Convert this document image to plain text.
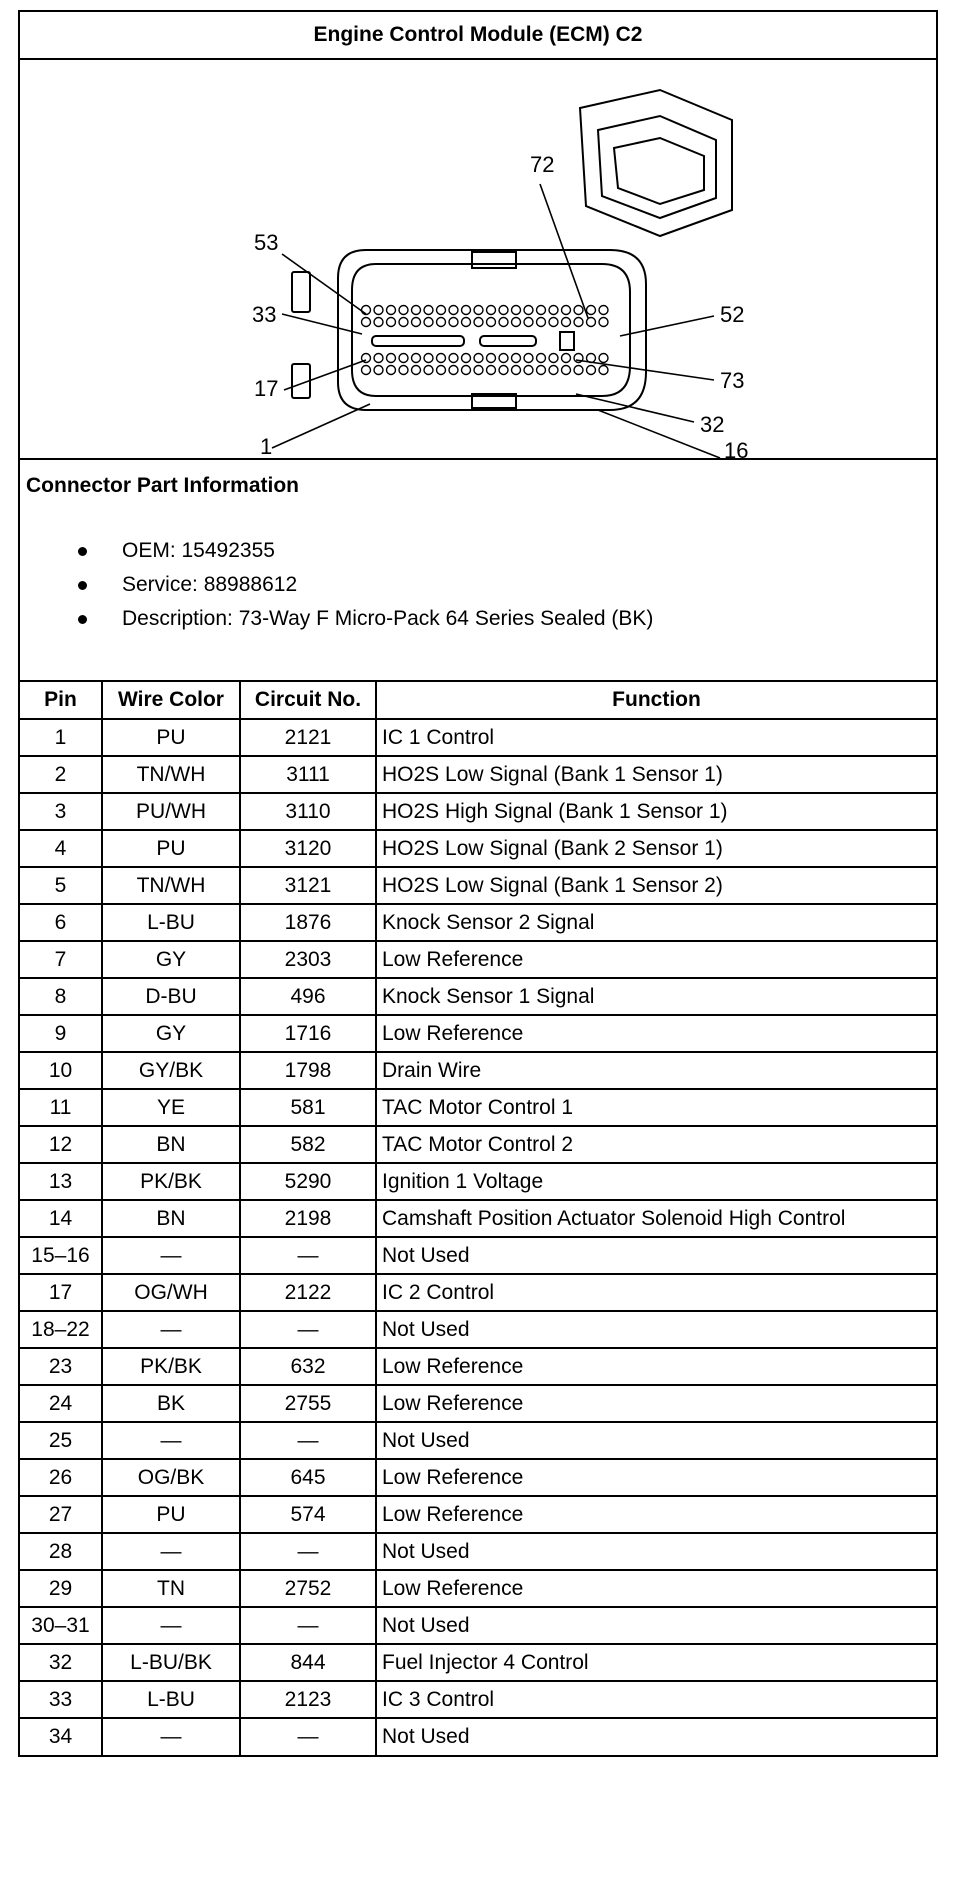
Engine Control Module (ECM) C2
72
53
33
17
1
52
73
32
16
Connector Part Information
OEM: 15492355
Service: 88988612
Description: 73-Way F Micro-Pack 64 Series Sealed (BK)
Pin	Wire Color	Circuit No.	Function
1	PU	2121	IC 1 Control
2	TN/WH	3111	HO2S Low Signal (Bank 1 Sensor 1)
3	PU/WH	3110	HO2S High Signal (Bank 1 Sensor 1)
4	PU	3120	HO2S Low Signal (Bank 2 Sensor 1)
5	TN/WH	3121	HO2S Low Signal (Bank 1 Sensor 2)
6	L-BU	1876	Knock Sensor 2 Signal
7	GY	2303	Low Reference
8	D-BU	496	Knock Sensor 1 Signal
9	GY	1716	Low Reference
10	GY/BK	1798	Drain Wire
11	YE	581	TAC Motor Control 1
12	BN	582	TAC Motor Control 2
13	PK/BK	5290	Ignition 1 Voltage
14	BN	2198	Camshaft Position Actuator Solenoid High Control
15–16	—	—	Not Used
17	OG/WH	2122	IC 2 Control
18–22	—	—	Not Used
23	PK/BK	632	Low Reference
24	BK	2755	Low Reference
25	—	—	Not Used
26	OG/BK	645	Low Reference
27	PU	574	Low Reference
28	—	—	Not Used
29	TN	2752	Low Reference
30–31	—	—	Not Used
32	L-BU/BK	844	Fuel Injector 4 Control
33	L-BU	2123	IC 3 Control
34	—	—	Not Used
